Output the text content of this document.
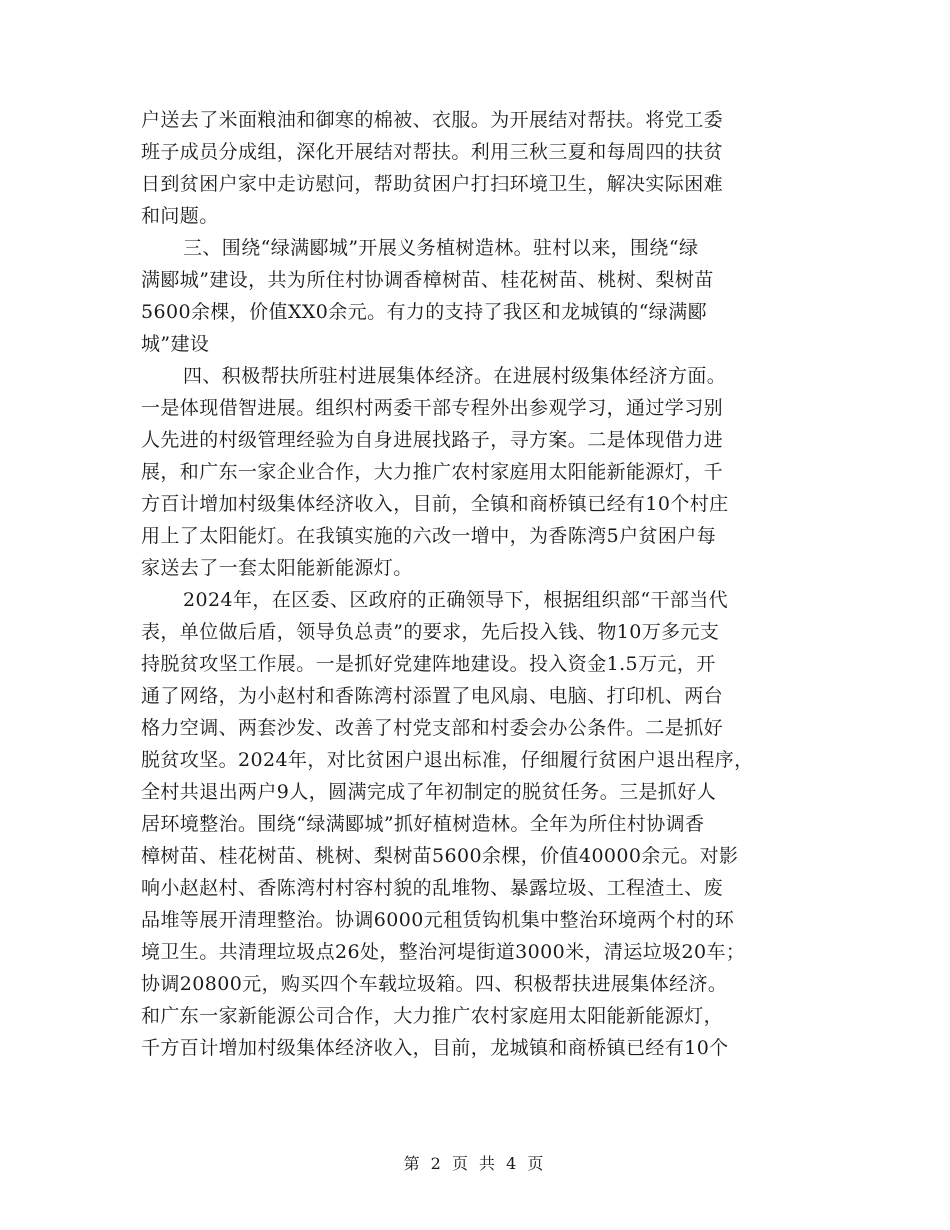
户送去了米面粮油和御寒的棉被、衣服。为开展结对帮扶。将党工委
班子成员分成组，深化开展结对帮扶。利用三秋三夏和每周四的扶贫
日到贫困户家中走访慰问，帮助贫困户打扫环境卫生，解决实际困难
和问题。
三、围绕“绿满郾城”开展义务植树造林。驻村以来，围绕“绿
满郾城”建设，共为所住村协调香樟树苗、桂花树苗、桃树、梨树苗
5600余棵，价值XX0余元。有力的支持了我区和龙城镇的“绿满郾
城”建设
四、积极帮扶所驻村进展集体经济。在进展村级集体经济方面。
一是体现借智进展。组织村两委干部专程外出参观学习，通过学习别
人先进的村级管理经验为自身进展找路子，寻方案。二是体现借力进
展，和广东一家企业合作，大力推广农村家庭用太阳能新能源灯，千
方百计增加村级集体经济收入，目前，全镇和商桥镇已经有10个村庄
用上了太阳能灯。在我镇实施的六改一增中，为香陈湾5户贫困户每
家送去了一套太阳能新能源灯。
2024年，在区委、区政府的正确领导下，根据组织部“干部当代
表，单位做后盾，领导负总责”的要求，先后投入钱、物10万多元支
持脱贫攻坚工作展。一是抓好党建阵地建设。投入资金1.5万元，开
通了网络，为小赵村和香陈湾村添置了电风扇、电脑、打印机、两台
格力空调、两套沙发、改善了村党支部和村委会办公条件。二是抓好
脱贫攻坚。2024年，对比贫困户退出标准，仔细履行贫困户退出程序，
全村共退出两户9人，圆满完成了年初制定的脱贫任务。三是抓好人
居环境整治。围绕“绿满郾城”抓好植树造林。全年为所住村协调香
樟树苗、桂花树苗、桃树、梨树苗5600余棵，价值40000余元。对影
响小赵赵村、香陈湾村村容村貌的乱堆物、暴露垃圾、工程渣土、废
品堆等展开清理整治。协调6000元租赁钩机集中整治环境两个村的环
境卫生。共清理垃圾点26处，整治河堤街道3000米，清运垃圾20车；
协调20800元，购买四个车载垃圾箱。四、积极帮扶进展集体经济。
和广东一家新能源公司合作，大力推广农村家庭用太阳能新能源灯，
千方百计增加村级集体经济收入，目前，龙城镇和商桥镇已经有10个
第 2 页 共 4 页
